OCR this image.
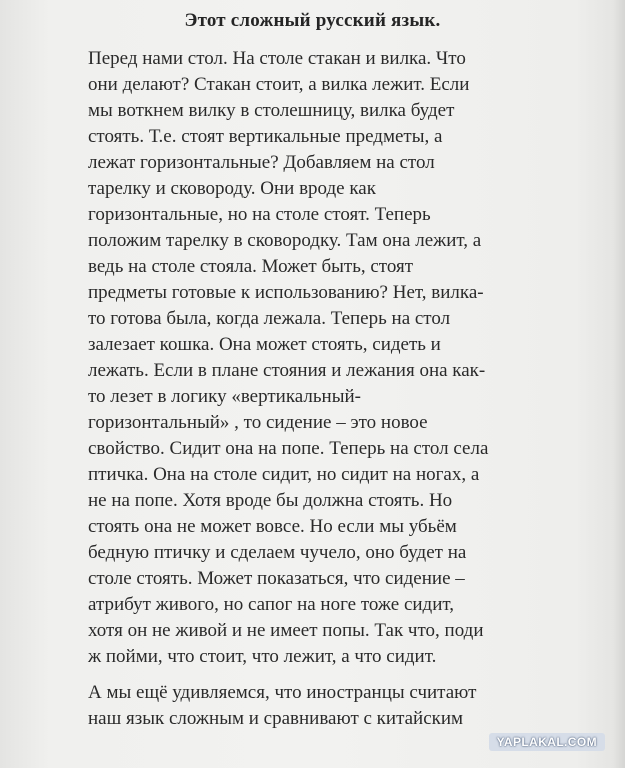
Этот сложный русский язык.
Перед нами стол. На столе стакан и вилка. Что
они делают? Стакан стоит, а вилка лежит. Если
мы воткнем вилку в столешницу, вилка будет
стоять. Т.е. стоят вертикальные предметы, а
лежат горизонтальные? Добавляем на стол
тарелку и сковороду. Они вроде как
горизонтальные, но на столе стоят. Теперь
положим тарелку в сковородку. Там она лежит, а
ведь на столе стояла. Может быть, стоят
предметы готовые к использованию? Нет, вилка-
то готова была, когда лежала. Теперь на стол
залезает кошка. Она может стоять, сидеть и
лежать. Если в плане стояния и лежания она как-
то лезет в логику «вертикальный-
горизонтальный» , то сидение – это новое
свойство. Сидит она на попе. Теперь на стол села
птичка. Она на столе сидит, но сидит на ногах, а
не на попе. Хотя вроде бы должна стоять. Но
стоять она не может вовсе. Но если мы убьём
бедную птичку и сделаем чучело, оно будет на
столе стоять. Может показаться, что сидение –
атрибут живого, но сапог на ноге тоже сидит,
хотя он не живой и не имеет попы. Так что, поди
ж пойми, что стоит, что лежит, а что сидит.
А мы ещё удивляемся, что иностранцы считают
наш язык сложным и сравнивают с китайским
YAPLAKAL.COM
